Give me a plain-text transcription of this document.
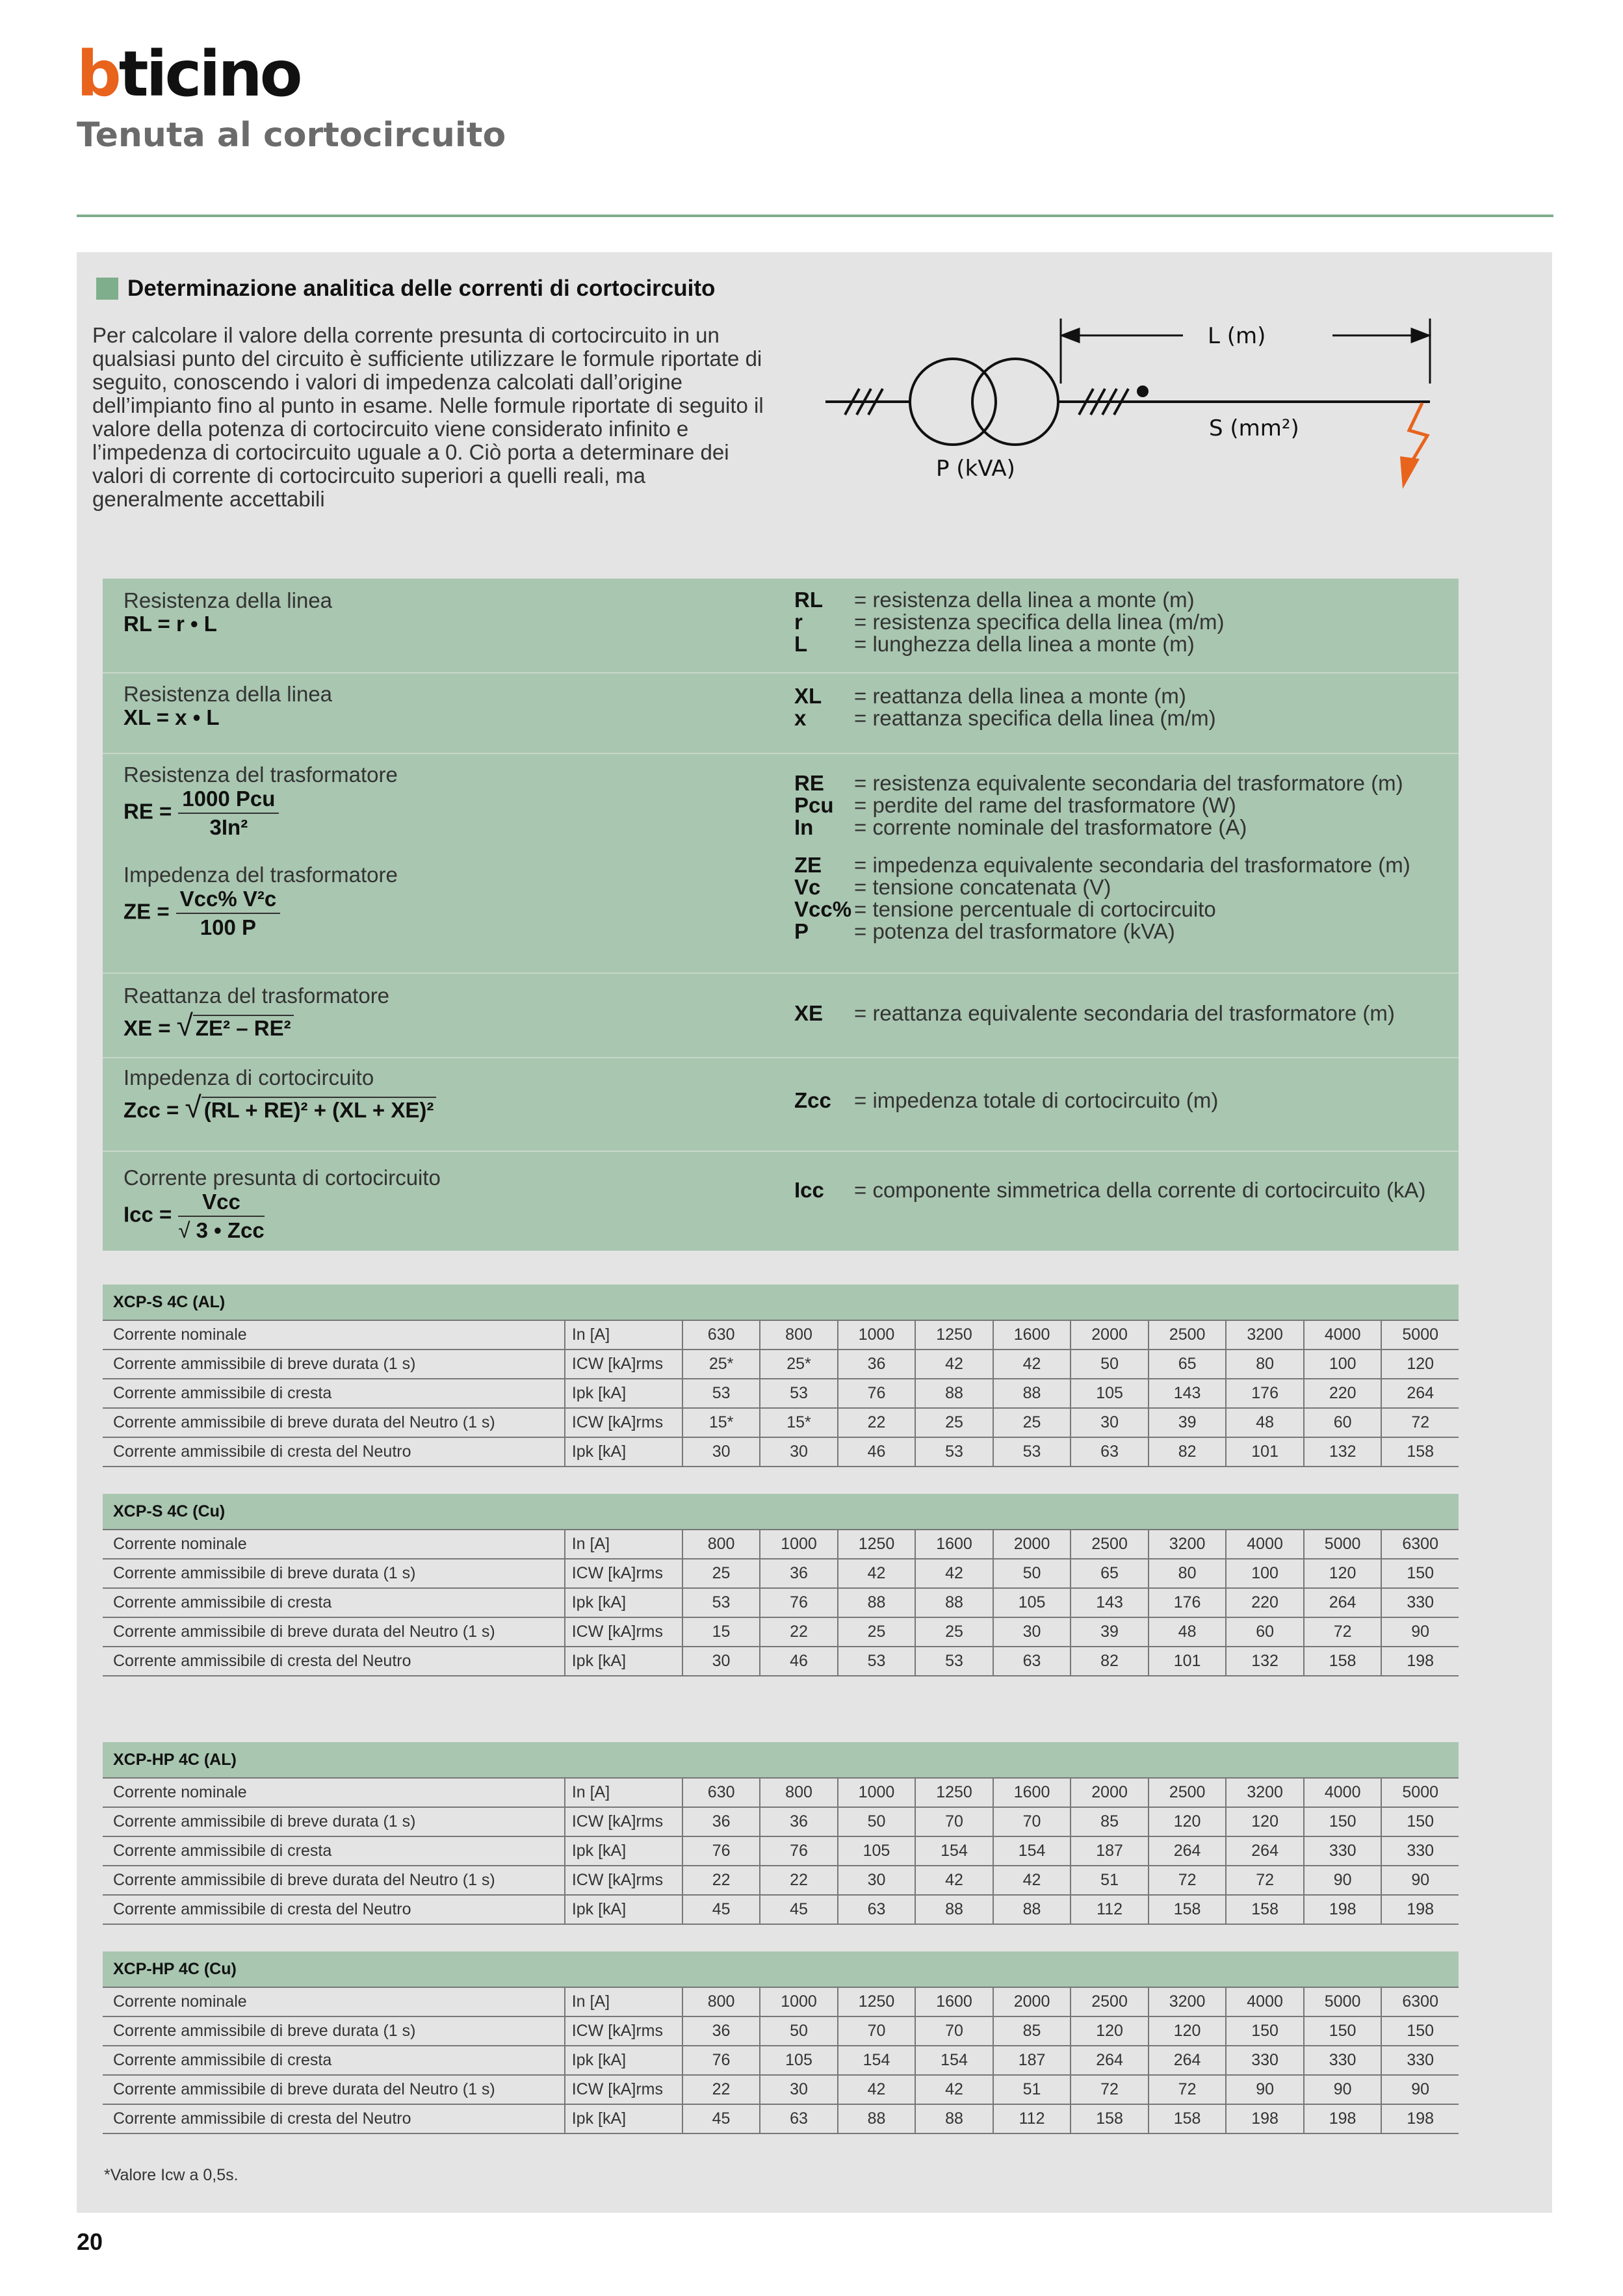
bticino
Tenuta al cortocircuito
Determinazione analitica delle correnti di cortocircuito
Per calcolare il valore della corrente presunta di cortocircuito in un qualsiasi punto del circuito è sufficiente utilizzare le formule riportate di seguito, conoscendo i valori di impedenza calcolati dall’origine dell’impianto fino al punto in esame. Nelle formule riportate di seguito il valore della potenza di cortocircuito viene considerato infinito e l’impedenza di cortocircuito uguale a 0. Ciò porta a determinare dei valori di corrente di cortocircuito superiori a quelli reali, ma generalmente accettabili
L (m)
S (mm²)
P (kVA)
Resistenza della linea
RL = r • L
RL	= resistenza della linea a monte (m)
r	= resistenza specifica della linea (m/m)
L	= lunghezza della linea a monte (m)
Resistenza della linea
XL = x • L
XL	= reattanza della linea a monte (m)
x	= reattanza specifica della linea (m/m)
Resistenza del trasformatore
RE = $\frac{\text{1000 Pcu}}{\text{3In²}}$
RE	= resistenza equivalente secondaria del trasformatore (m)
Pcu = perdite del rame del trasformatore (W)
In	= corrente nominale del trasformatore (A)
Impedenza del trasformatore
ZE = $\frac{\text{Vcc\% V²c}}{100 P}$
ZE	= impedenza equivalente secondaria del trasformatore (m)
Vc	= tensione concatenata (V)
Vcc% = tensione percentuale di cortocircuito
P	= potenza del trasformatore (kVA)
Reattanza del trasformatore
XE = √ ZE² – RE²
XE	= reattanza equivalente secondaria del trasformatore (m)
Impedenza di cortocircuito
Zcc = √ (RL + RE)² + (XL + XE)²	Zcc	= impedenza totale di cortocircuito (m)
Corrente presunta di cortocircuito
Icc = $\frac{\text{Vcc}}{\text{√ 3 • Zcc}}$	Icc	= componente simmetrica della corrente di cortocircuito (kA)
XCP-S 4C (AL)											
Corrente nominale	In [A]	630	800	1000	1250	1600	2000	2500	3200	4000	5000
Corrente ammissibile di breve durata (1 s)	ICW [kA]rms	25*	25*	36	42	42	50	65	80	100	120
Corrente ammissibile di cresta	Ipk [kA]	53	53	76	88	88	105	143	176	220	264
Corrente ammissibile di breve durata del Neutro (1 s)	ICW [kA]rms	15*	15*	22	25	25	30	39	48	60	72
Corrente ammissibile di cresta del Neutro	Ipk [kA]	30	30	46	53	53	63	82	101	132	158
XCP-S 4C (Cu)											
Corrente nominale	In [A]	800	1000	1250	1600	2000	2500	3200	4000	5000	6300
Corrente ammissibile di breve durata (1 s)	ICW [kA]rms	25	36	42	42	50	65	80	100	120	150
Corrente ammissibile di cresta	Ipk [kA]	53	76	88	88	105	143	176	220	264	330
Corrente ammissibile di breve durata del Neutro (1 s)	ICW [kA]rms	15	22	25	25	30	39	48	60	72	90
Corrente ammissibile di cresta del Neutro	Ipk [kA]	30	46	53	53	63	82	101	132	158	198
XCP-HP 4C (AL)											
Corrente nominale	In [A]	630	800	1000	1250	1600	2000	2500	3200	4000	5000
Corrente ammissibile di breve durata (1 s)	ICW [kA]rms	36	36	50	70	70	85	120	120	150	150
Corrente ammissibile di cresta	Ipk [kA]	76	76	105	154	154	187	264	264	330	330
Corrente ammissibile di breve durata del Neutro (1 s)	ICW [kA]rms	22	22	30	42	42	51	72	72	90	90
Corrente ammissibile di cresta del Neutro	Ipk [kA]	45	45	63	88	88	112	158	158	198	198
XCP-HP 4C (Cu)											
Corrente nominale	In [A]	800	1000	1250	1600	2000	2500	3200	4000	5000	6300
Corrente ammissibile di breve durata (1 s)	ICW [kA]rms	36	50	70	70	85	120	120	150	150	150
Corrente ammissibile di cresta	Ipk [kA]	76	105	154	154	187	264	264	330	330	330
Corrente ammissibile di breve durata del Neutro (1 s)	ICW [kA]rms	22	30	42	42	51	72	72	90	90	90
Corrente ammissibile di cresta del Neutro	Ipk [kA]	45	63	88	88	112	158	158	198	198	198
*Valore Icw a 0,5s.
20
